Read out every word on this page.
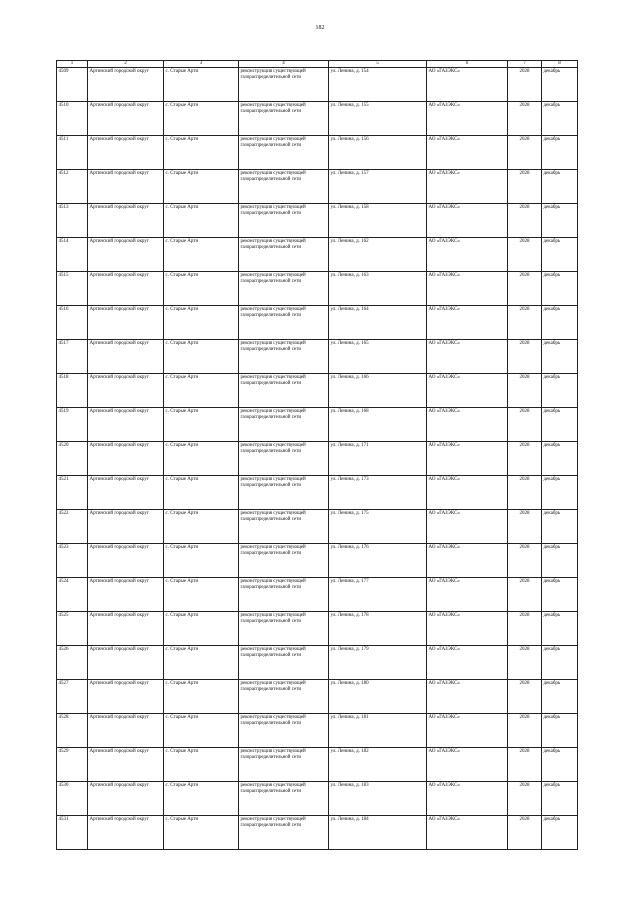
182
1	2	3	4	5	6	7	8
4509	Артинский городской округ	с. Старые Арти	реконструкция существующей газораспределительной сети	ул. Ленина, д. 154	АО «ГАЗЭКС»	2028	декабрь
4510	Артинский городской округ	с. Старые Арти	реконструкция существующей газораспределительной сети	ул. Ленина, д. 155	АО «ГАЗЭКС»	2028	декабрь
4511	Артинский городской округ	с. Старые Арти	реконструкция существующей газораспределительной сети	ул. Ленина, д. 156	АО «ГАЗЭКС»	2028	декабрь
4512	Артинский городской округ	с. Старые Арти	реконструкция существующей газораспределительной сети	ул. Ленина, д. 157	АО «ГАЗЭКС»	2028	декабрь
4513	Артинский городской округ	с. Старые Арти	реконструкция существующей газораспределительной сети	ул. Ленина, д. 158	АО «ГАЗЭКС»	2028	декабрь
4514	Артинский городской округ	с. Старые Арти	реконструкция существующей газораспределительной сети	ул. Ленина, д. 162	АО «ГАЗЭКС»	2028	декабрь
4515	Артинский городской округ	с. Старые Арти	реконструкция существующей газораспределительной сети	ул. Ленина, д. 163	АО «ГАЗЭКС»	2028	декабрь
4516	Артинский городской округ	с. Старые Арти	реконструкция существующей газораспределительной сети	ул. Ленина, д. 164	АО «ГАЗЭКС»	2028	декабрь
4517	Артинский городской округ	с. Старые Арти	реконструкция существующей газораспределительной сети	ул. Ленина, д. 165	АО «ГАЗЭКС»	2028	декабрь
4518	Артинский городской округ	с. Старые Арти	реконструкция существующей газораспределительной сети	ул. Ленина, д. 166	АО «ГАЗЭКС»	2028	декабрь
4519	Артинский городской округ	с. Старые Арти	реконструкция существующей газораспределительной сети	ул. Ленина, д. 168	АО «ГАЗЭКС»	2028	декабрь
4520	Артинский городской округ	с. Старые Арти	реконструкция существующей газораспределительной сети	ул. Ленина, д. 171	АО «ГАЗЭКС»	2028	декабрь
4521	Артинский городской округ	с. Старые Арти	реконструкция существующей газораспределительной сети	ул. Ленина, д. 173	АО «ГАЗЭКС»	2028	декабрь
4522	Артинский городской округ	с. Старые Арти	реконструкция существующей газораспределительной сети	ул. Ленина, д. 175	АО «ГАЗЭКС»	2028	декабрь
4523	Артинский городской округ	с. Старые Арти	реконструкция существующей газораспределительной сети	ул. Ленина, д. 176	АО «ГАЗЭКС»	2028	декабрь
4524	Артинский городской округ	с. Старые Арти	реконструкция существующей газораспределительной сети	ул. Ленина, д. 177	АО «ГАЗЭКС»	2028	декабрь
4525	Артинский городской округ	с. Старые Арти	реконструкция существующей газораспределительной сети	ул. Ленина, д. 178	АО «ГАЗЭКС»	2028	декабрь
4526	Артинский городской округ	с. Старые Арти	реконструкция существующей газораспределительной сети	ул. Ленина, д. 179	АО «ГАЗЭКС»	2028	декабрь
4527	Артинский городской округ	с. Старые Арти	реконструкция существующей газораспределительной сети	ул. Ленина, д. 180	АО «ГАЗЭКС»	2028	декабрь
4528	Артинский городской округ	с. Старые Арти	реконструкция существующей газораспределительной сети	ул. Ленина, д. 181	АО «ГАЗЭКС»	2028	декабрь
4529	Артинский городской округ	с. Старые Арти	реконструкция существующей газораспределительной сети	ул. Ленина, д. 182	АО «ГАЗЭКС»	2028	декабрь
4530	Артинский городской округ	с. Старые Арти	реконструкция существующей газораспределительной сети	ул. Ленина, д. 183	АО «ГАЗЭКС»	2028	декабрь
4531	Артинский городской округ	с. Старые Арти	реконструкция существующей газораспределительной сети	ул. Ленина, д. 184	АО «ГАЗЭКС»	2028	декабрь
